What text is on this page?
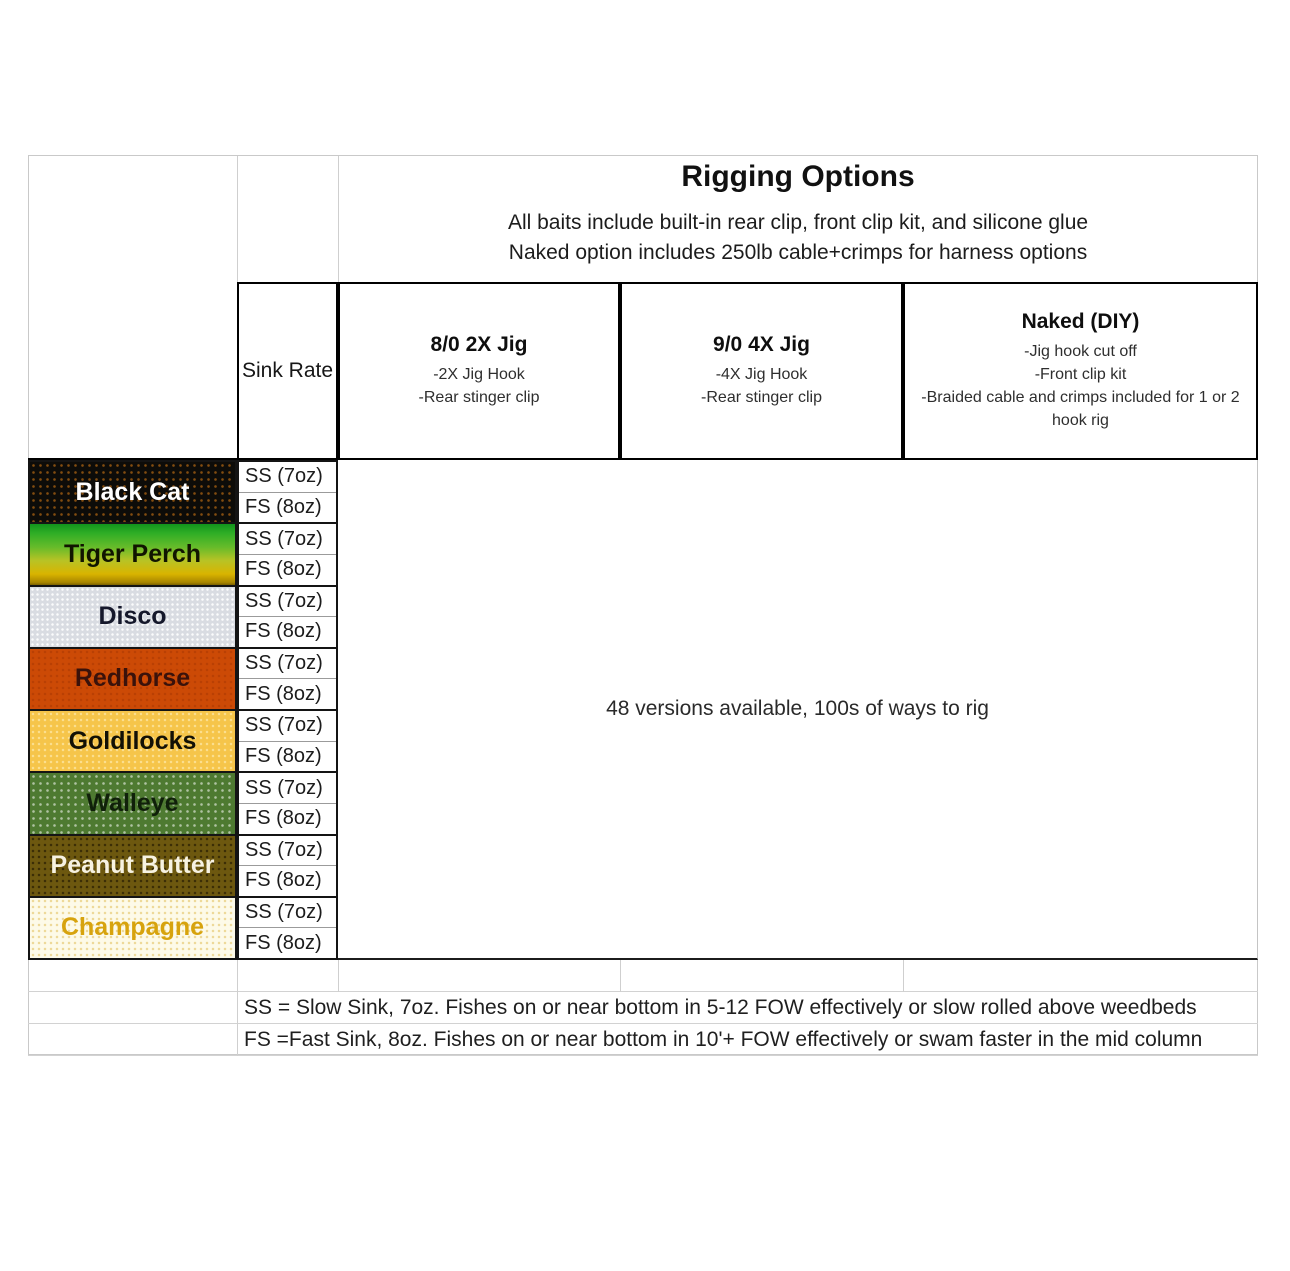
Rigging Options
All baits include built-in rear clip, front clip kit, and silicone glue
Naked option includes 250lb cable+crimps for harness options
Sink Rate
8/0 2X Jig
-2X Jig Hook
-Rear stinger clip
9/0 4X Jig
-4X Jig Hook
-Rear stinger clip
Naked (DIY)
-Jig hook cut off
-Front clip kit
-Braided cable and crimps included for 1 or 2 hook rig
Black Cat
Tiger Perch
Disco
Redhorse
Goldilocks
Walleye
Peanut Butter
Champagne
SS (7oz)
FS (8oz)
SS (7oz)
FS (8oz)
SS (7oz)
FS (8oz)
SS (7oz)
FS (8oz)
SS (7oz)
FS (8oz)
SS (7oz)
FS (8oz)
SS (7oz)
FS (8oz)
SS (7oz)
FS (8oz)
48 versions available, 100s of ways to rig
SS = Slow Sink, 7oz. Fishes on or near bottom in 5-12 FOW effectively or slow rolled above weedbeds
FS =Fast Sink, 8oz. Fishes on or near bottom in 10'+ FOW effectively or swam faster in the mid column
